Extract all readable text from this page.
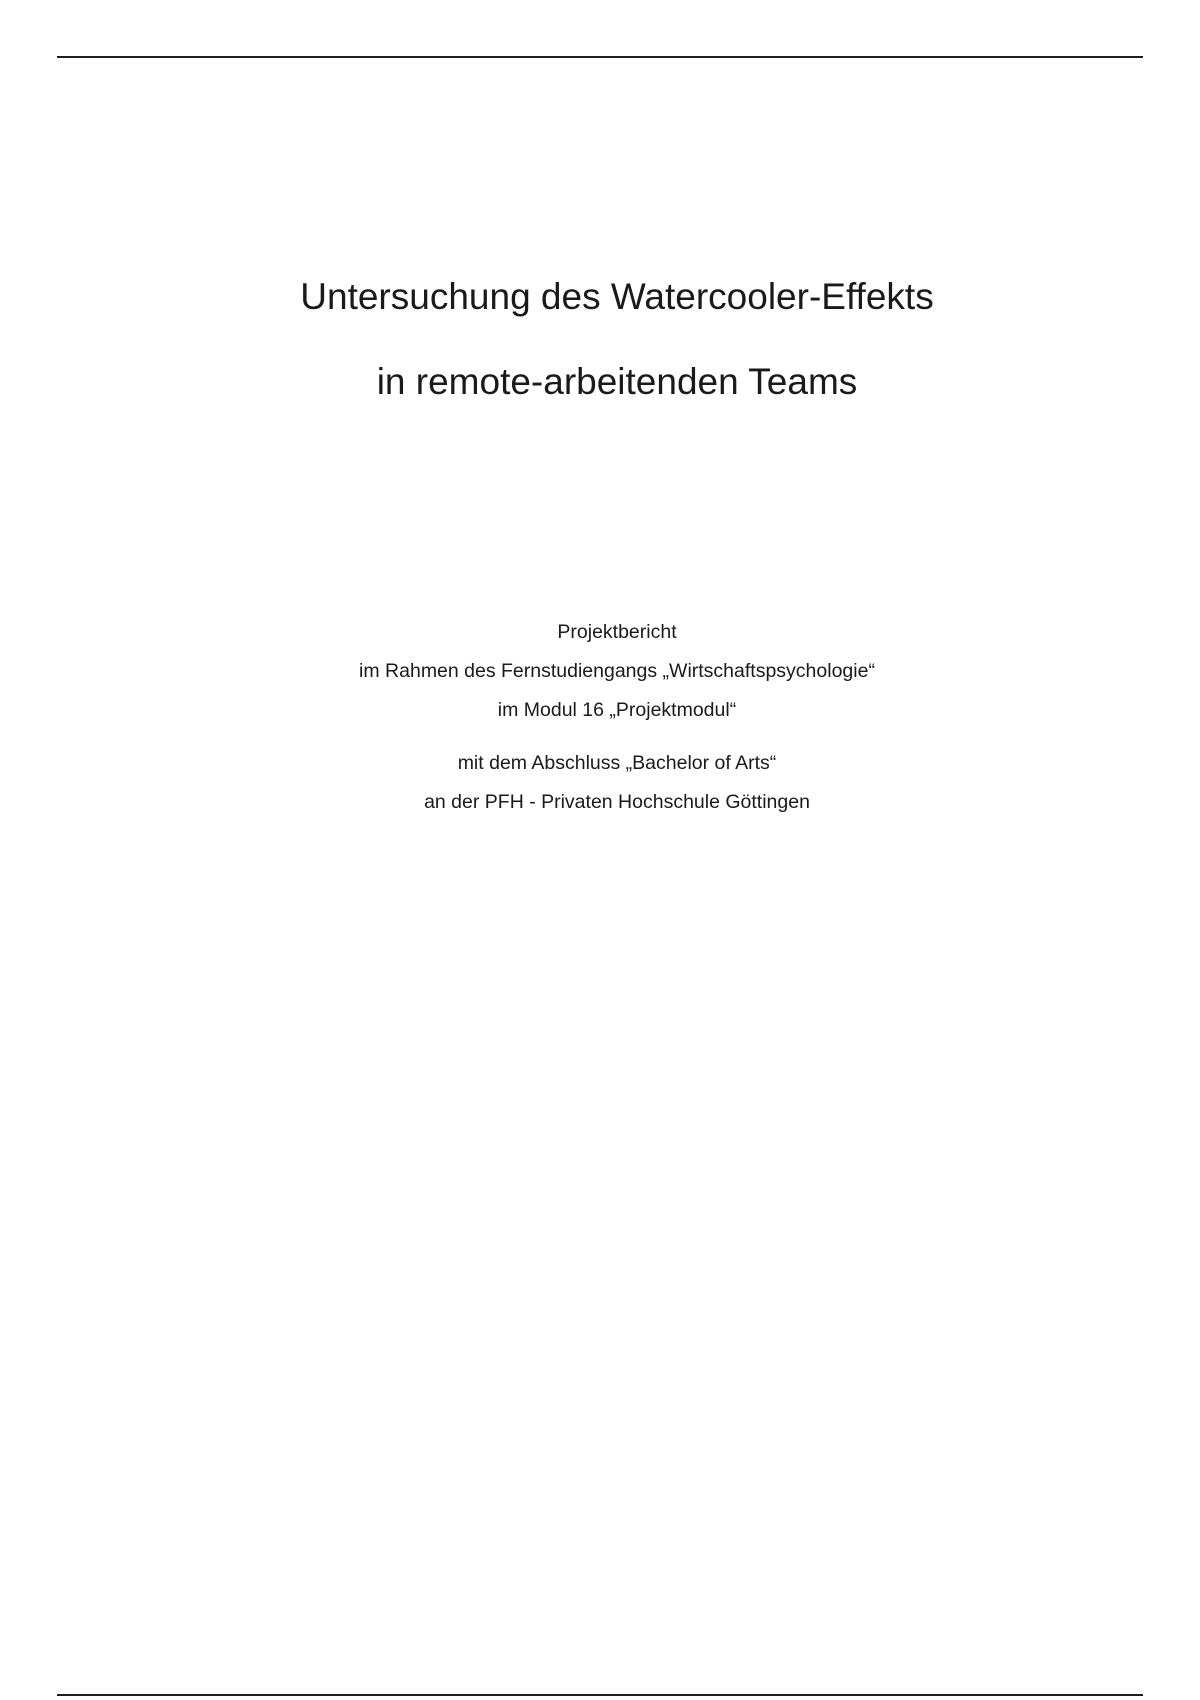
Untersuchung des Watercooler-Effekts
in remote-arbeitenden Teams
Projektbericht
im Rahmen des Fernstudiengangs „Wirtschaftspsychologie“
im Modul 16 „Projektmodul“
mit dem Abschluss „Bachelor of Arts“
an der PFH - Privaten Hochschule Göttingen
